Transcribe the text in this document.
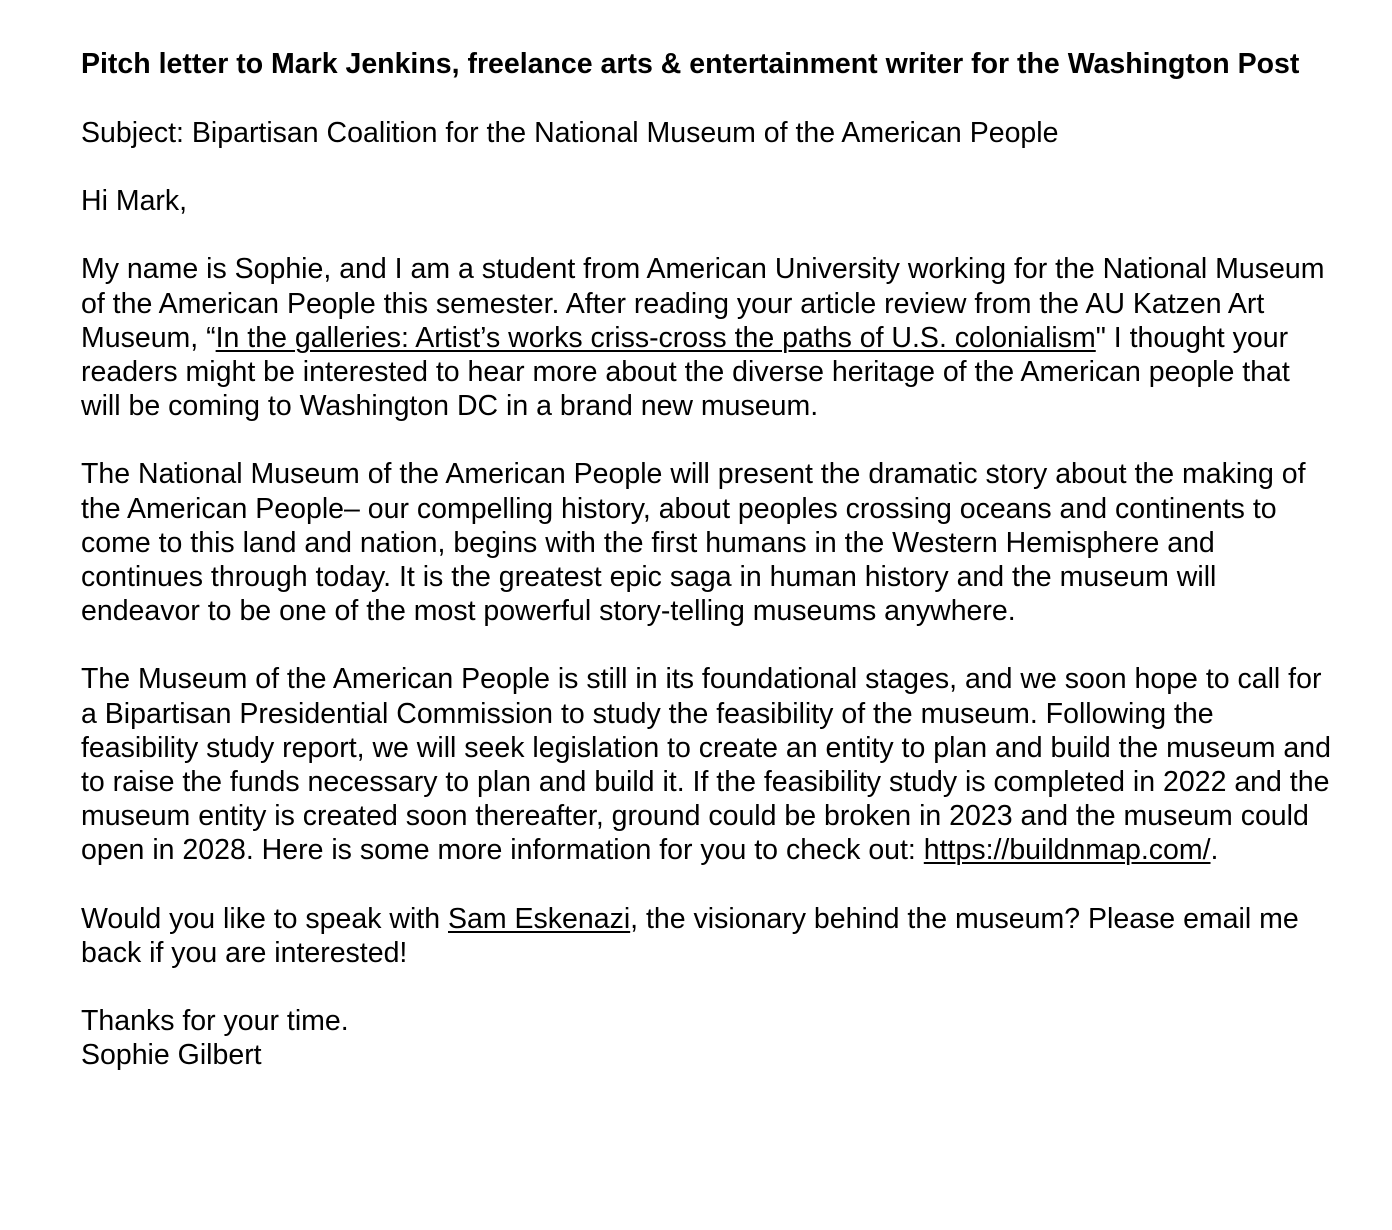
Pitch letter to Mark Jenkins, freelance arts & entertainment writer for the Washington Post

Subject: Bipartisan Coalition for the National Museum of the American People

Hi Mark,

My name is Sophie, and I am a student from American University working for the National Museum of the American People this semester. After reading your article review from the AU Katzen Art Museum, “In the galleries: Artist’s works criss-cross the paths of U.S. colonialism" I thought your readers might be interested to hear more about the diverse heritage of the American people that will be coming to Washington DC in a brand new museum.

The National Museum of the American People will present the dramatic story about the making of the American People– our compelling history, about peoples crossing oceans and continents to come to this land and nation, begins with the first humans in the Western Hemisphere and continues through today. It is the greatest epic saga in human history and the museum will endeavor to be one of the most powerful story-telling museums anywhere.

The Museum of the American People is still in its foundational stages, and we soon hope to call for a Bipartisan Presidential Commission to study the feasibility of the museum. Following the feasibility study report, we will seek legislation to create an entity to plan and build the museum and to raise the funds necessary to plan and build it. If the feasibility study is completed in 2022 and the museum entity is created soon thereafter, ground could be broken in 2023 and the museum could open in 2028. Here is some more information for you to check out: https://buildnmap.com/.

Would you like to speak with Sam Eskenazi, the visionary behind the museum? Please email me back if you are interested!

Thanks for your time.

Sophie Gilbert
